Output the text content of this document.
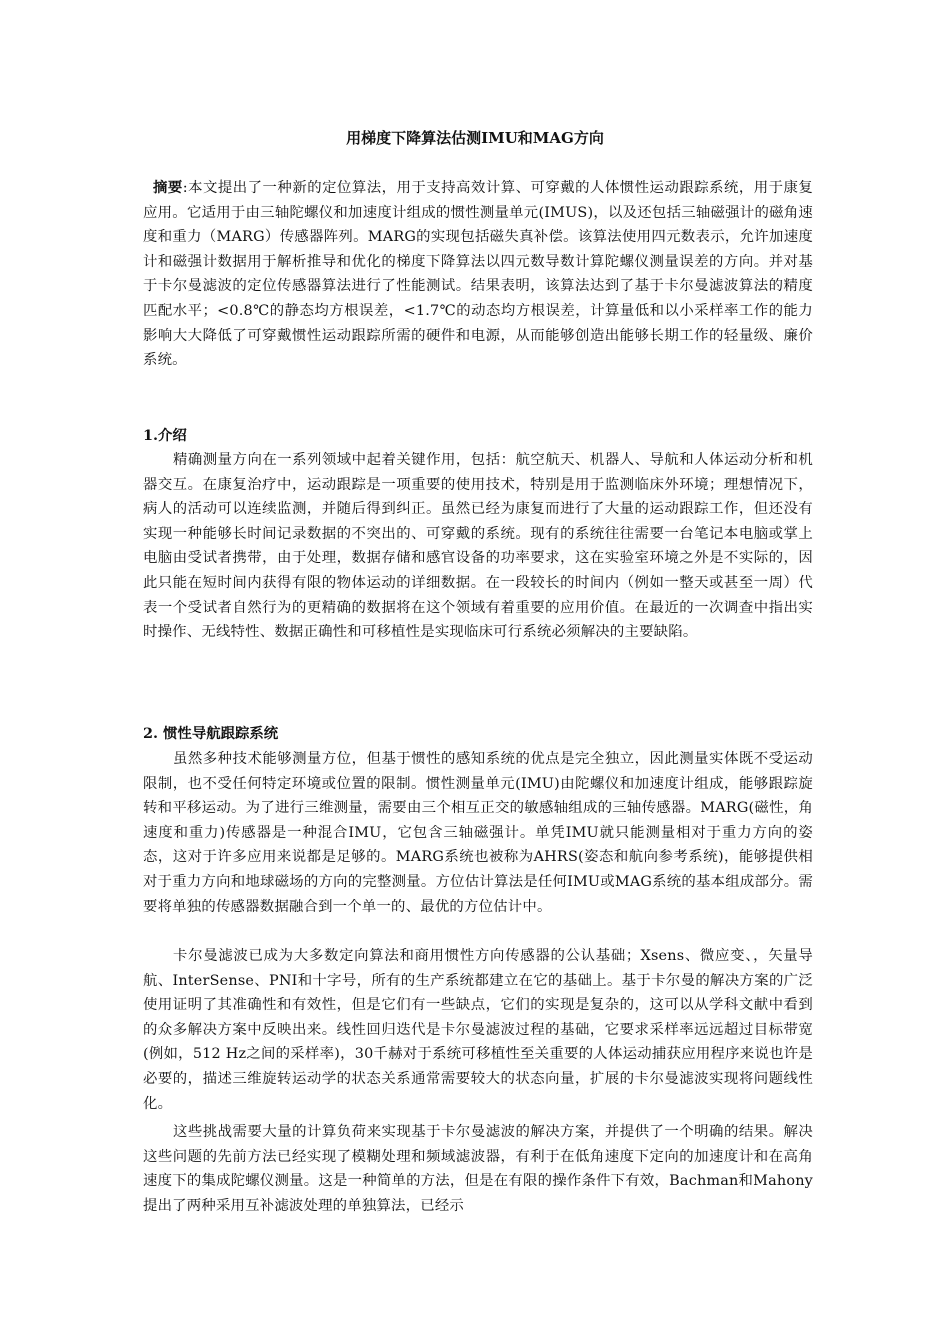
用梯度下降算法估测IMU和MAG方向

摘要:本文提出了一种新的定位算法，用于支持高效计算、可穿戴的人体惯性运动跟踪系统，用于康复应用。它适用于由三轴陀螺仪和加速度计组成的惯性测量单元(IMUS)，以及还包括三轴磁强计的磁角速度和重力（MARG）传感器阵列。MARG的实现包括磁失真补偿。该算法使用四元数表示，允许加速度计和磁强计数据用于解析推导和优化的梯度下降算法以四元数导数计算陀螺仪测量误差的方向。并对基于卡尔曼滤波的定位传感器算法进行了性能测试。结果表明，该算法达到了基于卡尔曼滤波算法的精度匹配水平；<0.8℃的静态均方根误差，<1.7℃的动态均方根误差，计算量低和以小采样率工作的能力影响大大降低了可穿戴惯性运动跟踪所需的硬件和电源，从而能够创造出能够长期工作的轻量级、廉价系统。

1.介绍

精确测量方向在一系列领域中起着关键作用，包括：航空航天、机器人、导航和人体运动分析和机器交互。在康复治疗中，运动跟踪是一项重要的使用技术，特别是用于监测临床外环境；理想情况下，病人的活动可以连续监测，并随后得到纠正。虽然已经为康复而进行了大量的运动跟踪工作，但还没有实现一种能够长时间记录数据的不突出的、可穿戴的系统。现有的系统往往需要一台笔记本电脑或掌上电脑由受试者携带，由于处理，数据存储和感官设备的功率要求，这在实验室环境之外是不实际的，因此只能在短时间内获得有限的物体运动的详细数据。在一段较长的时间内（例如一整天或甚至一周）代表一个受试者自然行为的更精确的数据将在这个领域有着重要的应用价值。在最近的一次调查中指出实时操作、无线特性、数据正确性和可移植性是实现临床可行系统必须解决的主要缺陷。

2. 惯性导航跟踪系统

虽然多种技术能够测量方位，但基于惯性的感知系统的优点是完全独立，因此测量实体既不受运动限制，也不受任何特定环境或位置的限制。惯性测量单元(IMU)由陀螺仪和加速度计组成，能够跟踪旋转和平移运动。为了进行三维测量，需要由三个相互正交的敏感轴组成的三轴传感器。MARG(磁性，角速度和重力)传感器是一种混合IMU，它包含三轴磁强计。单凭IMU就只能测量相对于重力方向的姿态，这对于许多应用来说都是足够的。MARG系统也被称为AHRS(姿态和航向参考系统)，能够提供相对于重力方向和地球磁场的方向的完整测量。方位估计算法是任何IMU或MAG系统的基本组成部分。需要将单独的传感器数据融合到一个单一的、最优的方位估计中。

卡尔曼滤波已成为大多数定向算法和商用惯性方向传感器的公认基础；Xsens、微应变、，矢量导航、InterSense、PNI和十字号，所有的生产系统都建立在它的基础上。基于卡尔曼的解决方案的广泛使用证明了其准确性和有效性，但是它们有一些缺点，它们的实现是复杂的，这可以从学科文献中看到的众多解决方案中反映出来。线性回归迭代是卡尔曼滤波过程的基础，它要求采样率远远超过目标带宽(例如，512 Hz之间的采样率)，30千赫对于系统可移植性至关重要的人体运动捕获应用程序来说也许是必要的，描述三维旋转运动学的状态关系通常需要较大的状态向量，扩展的卡尔曼滤波实现将问题线性化。

这些挑战需要大量的计算负荷来实现基于卡尔曼滤波的解决方案，并提供了一个明确的结果。解决这些问题的先前方法已经实现了模糊处理和频域滤波器，有利于在低角速度下定向的加速度计和在高角速度下的集成陀螺仪测量。这是一种简单的方法，但是在有限的操作条件下有效，Bachman和Mahony提出了两种采用互补滤波处理的单独算法，已经示
